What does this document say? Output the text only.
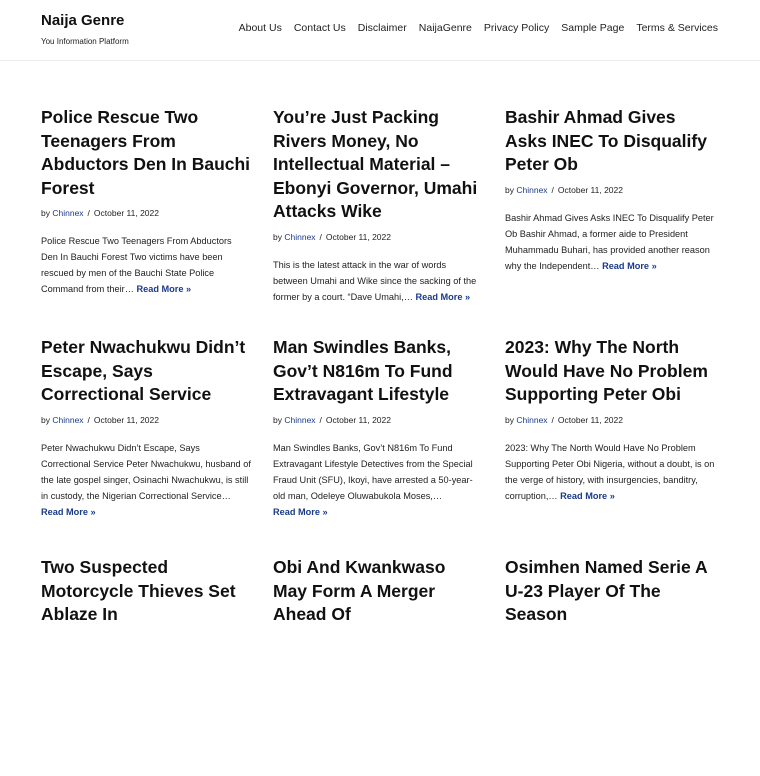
Naija Genre
You Information Platform
About Us Contact Us Disclaimer NaijaGenre Privacy Policy Sample Page Terms & Services
Police Rescue Two Teenagers From Abductors Den In Bauchi Forest
by Chinnex / October 11, 2022

Police Rescue Two Teenagers From Abductors Den In Bauchi Forest Two victims have been rescued by men of the Bauchi State Police Command from their… Read More »

You’re Just Packing Rivers Money, No Intellectual Material – Ebonyi Governor, Umahi Attacks Wike
by Chinnex / October 11, 2022

This is the latest attack in the war of words between Umahi and Wike since the sacking of the former by a court. “Dave Umahi,… Read More »

Bashir Ahmad Gives Asks INEC To Disqualify Peter Ob
by Chinnex / October 11, 2022

Bashir Ahmad Gives Asks INEC To Disqualify Peter Ob Bashir Ahmad, a former aide to President Muhammadu Buhari, has provided another reason why the Independent… Read More »

Peter Nwachukwu Didn’t Escape, Says Correctional Service
by Chinnex / October 11, 2022

Peter Nwachukwu Didn’t Escape, Says Correctional Service Peter Nwachukwu, husband of the late gospel singer, Osinachi Nwachukwu, is still in custody, the Nigerian Correctional Service… Read More »

Man Swindles Banks, Gov’t N816m To Fund Extravagant Lifestyle
by Chinnex / October 11, 2022

Man Swindles Banks, Gov’t N816m To Fund Extravagant Lifestyle Detectives from the Special Fraud Unit (SFU), Ikoyi, have arrested a 50-year-old man, Odeleye Oluwabukola Moses,… Read More »

2023: Why The North Would Have No Problem Supporting Peter Obi
by Chinnex / October 11, 2022

2023: Why The North Would Have No Problem Supporting Peter Obi Nigeria, without a doubt, is on the verge of history, with insurgencies, banditry, corruption,… Read More »

Two Suspected Motorcycle Thieves Set Ablaze In
Obi And Kwankwaso May Form A Merger Ahead Of
Osimhen Named Serie A U-23 Player Of The Season
